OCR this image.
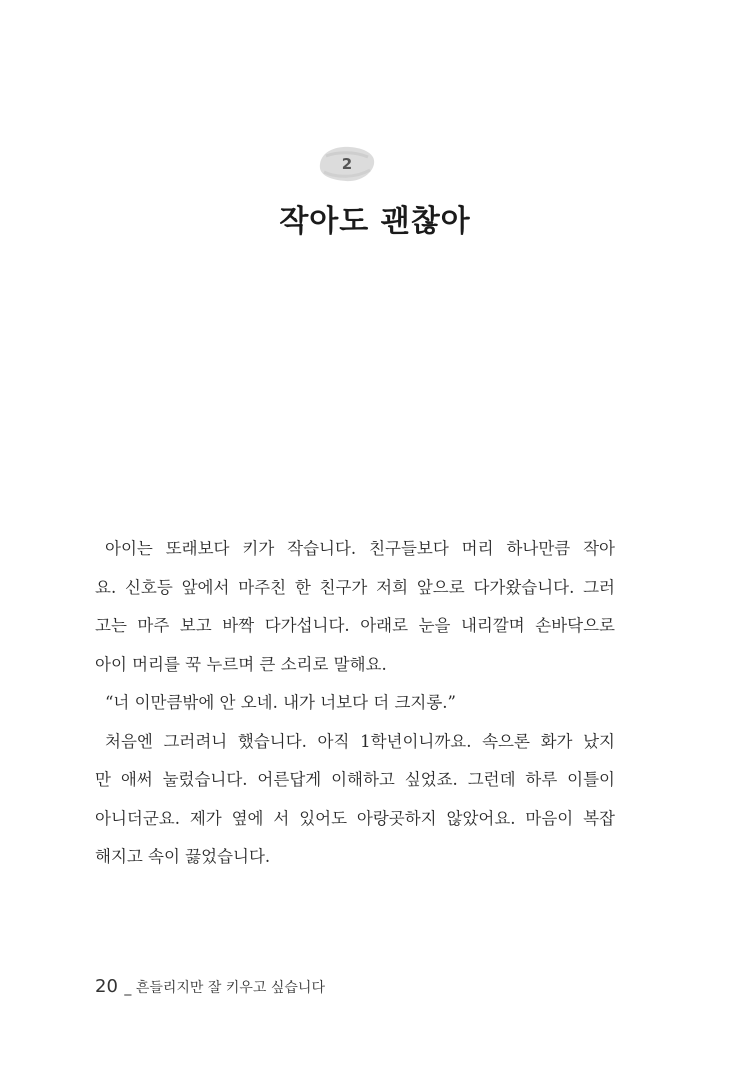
2
작아도 괜찮아
아이는 또래보다 키가 작습니다. 친구들보다 머리 하나만큼 작아
요. 신호등 앞에서 마주친 한 친구가 저희 앞으로 다가왔습니다. 그러
고는 마주 보고 바짝 다가섭니다. 아래로 눈을 내리깔며 손바닥으로
아이 머리를 꾹 누르며 큰 소리로 말해요.
“너 이만큼밖에 안 오네. 내가 너보다 더 크지롱.”
처음엔 그러려니 했습니다. 아직 1학년이니까요. 속으론 화가 났지
만 애써 눌렀습니다. 어른답게 이해하고 싶었죠. 그런데 하루 이틀이
아니더군요. 제가 옆에 서 있어도 아랑곳하지 않았어요. 마음이 복잡
해지고 속이 끓었습니다.
20 _ 흔들리지만 잘 키우고 싶습니다
